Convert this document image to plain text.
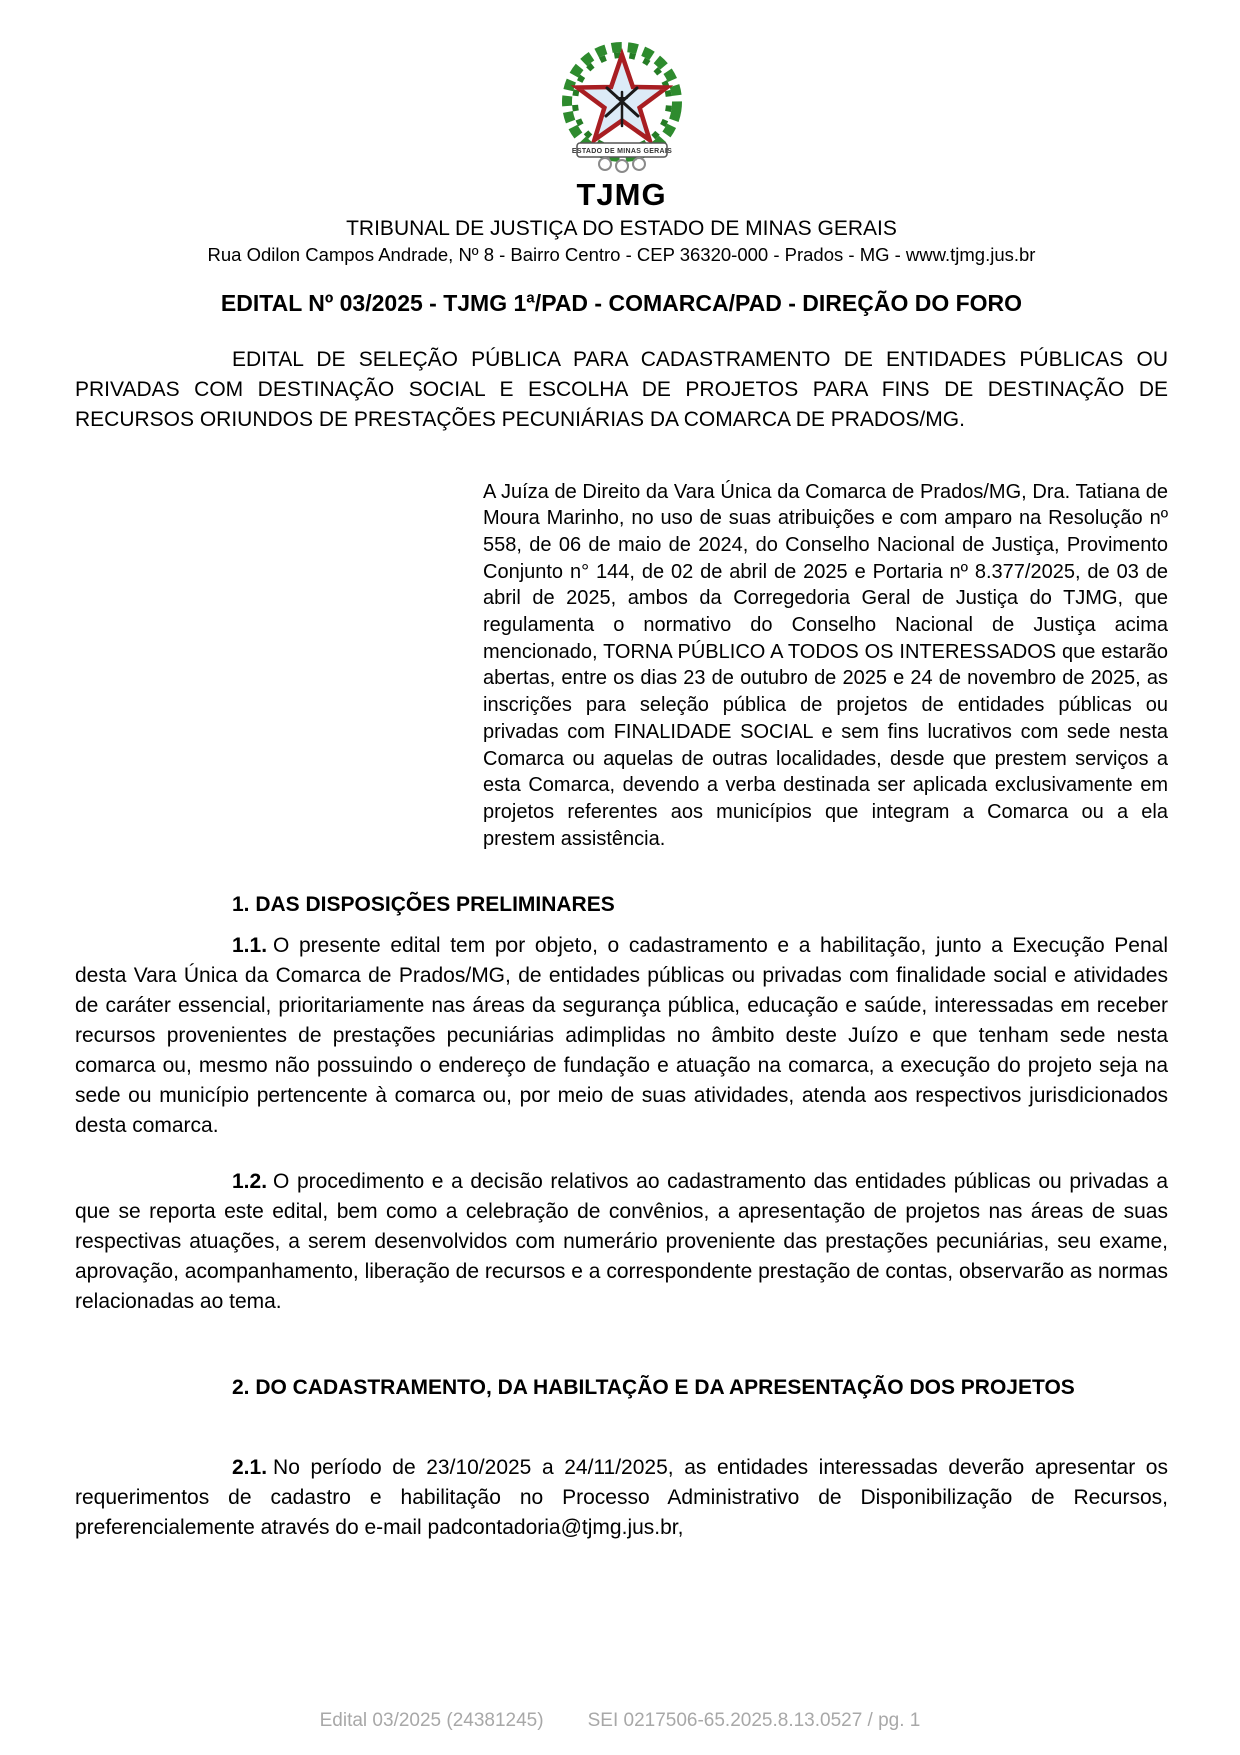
ESTADO DE MINAS GERAIS
TJMG
TRIBUNAL DE JUSTIÇA DO ESTADO DE MINAS GERAIS
Rua Odilon Campos Andrade, Nº 8 - Bairro Centro - CEP 36320-000 - Prados - MG - www.tjmg.jus.br
EDITAL Nº 03/2025 - TJMG 1ª/PAD - COMARCA/PAD - DIREÇÃO DO FORO

EDITAL DE SELEÇÃO PÚBLICA PARA CADASTRAMENTO DE ENTIDADES PÚBLICAS OU PRIVADAS COM DESTINAÇÃO SOCIAL E ESCOLHA DE PROJETOS PARA FINS DE DESTINAÇÃO DE RECURSOS ORIUNDOS DE PRESTAÇÕES PECUNIÁRIAS DA COMARCA DE PRADOS/MG.

A Juíza de Direito da Vara Única da Comarca de Prados/MG, Dra. Tatiana de Moura Marinho, no uso de suas atribuições e com amparo na Resolução nº 558, de 06 de maio de 2024, do Conselho Nacional de Justiça, Provimento Conjunto n° 144, de 02 de abril de 2025 e Portaria nº 8.377/2025, de 03 de abril de 2025, ambos da Corregedoria Geral de Justiça do TJMG, que regulamenta o normativo do Conselho Nacional de Justiça acima mencionado, TORNA PÚBLICO A TODOS OS INTERESSADOS que estarão abertas, entre os dias 23 de outubro de 2025 e 24 de novembro de 2025, as inscrições para seleção pública de projetos de entidades públicas ou privadas com FINALIDADE SOCIAL e sem fins lucrativos com sede nesta Comarca ou aquelas de outras localidades, desde que prestem serviços a esta Comarca, devendo a verba destinada ser aplicada exclusivamente em projetos referentes aos municípios que integram a Comarca ou a ela prestem assistência.

1. DAS DISPOSIÇÕES PRELIMINARES

1.1. O presente edital tem por objeto, o cadastramento e a habilitação, junto a Execução Penal desta Vara Única da Comarca de Prados/MG, de entidades públicas ou privadas com finalidade social e atividades de caráter essencial, prioritariamente nas áreas da segurança pública, educação e saúde, interessadas em receber recursos provenientes de prestações pecuniárias adimplidas no âmbito deste Juízo e que tenham sede nesta comarca ou, mesmo não possuindo o endereço de fundação e atuação na comarca, a execução do projeto seja na sede ou município pertencente à comarca ou, por meio de suas atividades, atenda aos respectivos jurisdicionados desta comarca.

1.2. O procedimento e a decisão relativos ao cadastramento das entidades públicas ou privadas a que se reporta este edital, bem como a celebração de convênios, a apresentação de projetos nas áreas de suas respectivas atuações, a serem desenvolvidos com numerário proveniente das prestações pecuniárias, seu exame, aprovação, acompanhamento, liberação de recursos e a correspondente prestação de contas, observarão as normas relacionadas ao tema.

2. DO CADASTRAMENTO, DA HABILTAÇÃO E DA APRESENTAÇÃO DOS PROJETOS

2.1. No período de 23/10/2025 a 24/11/2025, as entidades interessadas deverão apresentar os requerimentos de cadastro e habilitação no Processo Administrativo de Disponibilização de Recursos, preferencialemente através do e-mail padcontadoria@tjmg.jus.br,

Edital 03/2025 (24381245) SEI 0217506-65.2025.8.13.0527 / pg. 1
